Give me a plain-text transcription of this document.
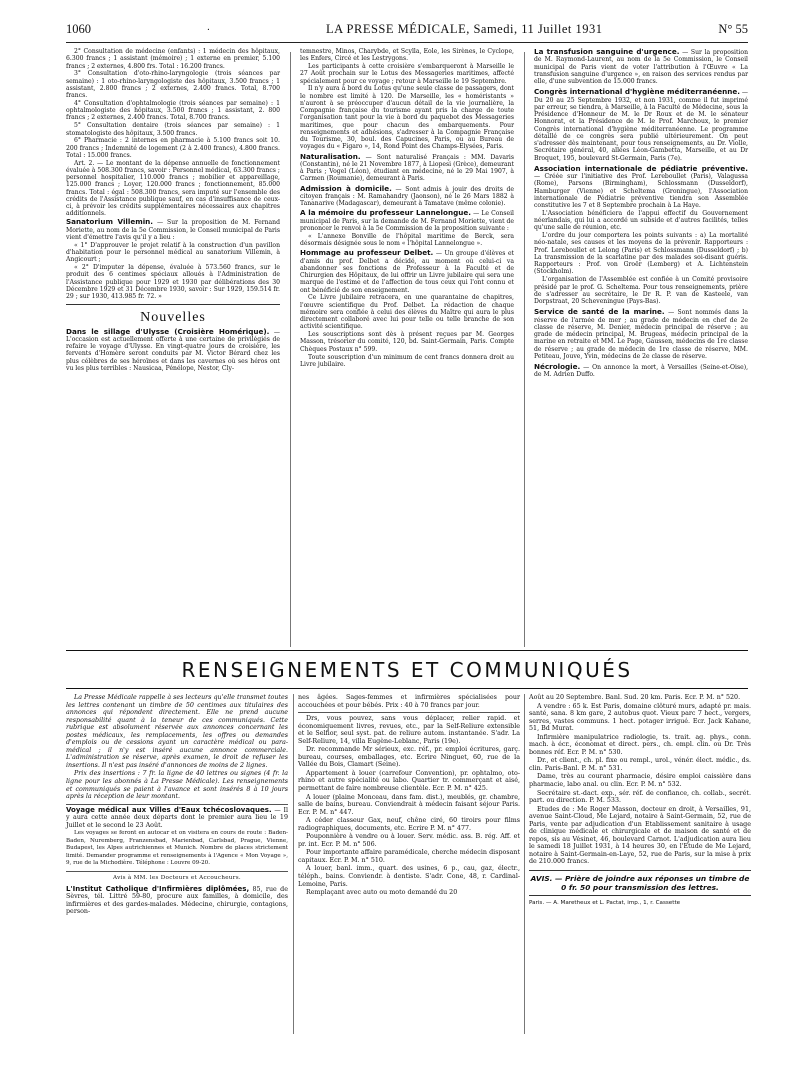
1060	·	LA PRESSE MÉDICALE, Samedi, 11 Juillet 1931	N° 55

2° Consultation de médecine (enfants) : 1 médecin des hôpitaux, 6.300 francs ; 1 assistant (mémoire) ; 1 externe en premier, 5.100 francs ; 2 externes, 4.800 frs. Total : 16.200 francs.

3° Consultation d'oto-rhino-laryngologie (trois séances par semaine) : 1 oto-rhino-laryngologiste des hôpitaux, 3.500 francs ; 1 assistant, 2.800 francs ; 2 externes, 2.400 francs. Total, 8.700 francs.

4° Consultation d'ophtalmologie (trois séances par semaine) : 1 ophtalmologiste des hôpitaux, 3.500 francs ; 1 assistant, 2. 800 francs ; 2 externes, 2.400 francs. Total, 8.700 francs.

5° Consultation dentaire (trois séances par semaine) : 1 stomatologiste des hôpitaux, 3.500 francs.

6° Pharmacie : 2 internes en pharmacie à 5.100 francs soit 10. 200 francs ; Indemnité de logement (2 à 2.400 francs), 4.800 francs. Total : 15.000 francs.

Art. 2. — Le montant de la dépense annuelle de fonctionnement évaluée à 508.300 francs, savoir : Personnel médical, 63.300 francs ; personnel hospitalier, 110.000 francs ; mobilier et appareillage, 125.000 francs ; Loyer, 120.000 francs ; fonctionnement, 85.000 francs. Total : égal : 508.300 francs, sera imputé sur l'ensemble des crédits de l'Assistance publique sauf, en cas d'insuffisance de ceux-ci, à prévoir les crédits supplémentaires nécessaires aux chapitres additionnels.

Sanatorium Villemin. — Sur la proposition de M. Fernand Moriette, au nom de la 5e Commission, le Conseil municipal de Paris vient d'émettre l'avis qu'il y a lieu :

« 1° D'approuver le projet relatif à la construction d'un pavillon d'habitation pour le personnel médical au sanatorium Villemin, à Angicourt ;

« 2° D'imputer la dépense, évaluée à 573.560 francs, sur le produit des 6 centimes spéciaux alloués à l'Administration de l'Assistance publique pour 1929 et 1930 par délibérations des 30 Décembre 1929 et 31 Décembre 1930, savoir : Sur 1929, 159.514 fr. 29 ; sur 1930, 413.985 fr. 72. »

Nouvelles

Dans le sillage d'Ulysse (Croisière Homérique). — L'occasion est actuellement offerte à une certaine de privilégiés de refaire le voyage d'Ulysse. En vingt-quatre jours de croisière, les fervents d'Homère seront conduits par M. Victor Bérard chez les plus célèbres de ses héroïnes et dans les cavernes où ses héros ont vu les plus terribles : Nausicaa, Pénélope, Nestor, Cly-

temnestre, Minos, Charybde, et Scylla, Eole, les Sirènes, le Cyclope, les Enfers, Circé et les Lestrygons.

Les participants à cette croisière s'embarqueront à Marseille le 27 Août prochain sur le Lotus des Messageries maritimes, affecté spécialement pour ce voyage ; retour à Marseille le 19 Septembre.

Il n'y aura à bord du Lotus qu'une seule classe de passagers, dont le nombre est limité à 120. De Marseille, les « homéristants » n'auront à se préoccuper d'aucun détail de la vie journalière, la Compagnie française du tourisme ayant pris la charge de toute l'organisation tant pour la vie à bord du paquebot des Messageries maritimes, que pour chacun des embarquements. Pour renseignements et adhésions, s'adresser à la Compagnie Française du Tourisme, 30, boul. des Capucines, Paris, ou au Bureau de voyages du « Figaro », 14, Rond Point des Champs-Elysées, Paris.

Naturalisation. — Sont naturalisé Français : MM. Davaris (Constantin), né le 21 Novembre 1877, à Liopesi (Grèce), demeurant à Paris ; Vogel (Léon), étudiant en médecine, né le 29 Mai 1907, à Carmen (Roumanie), demeurant à Paris.

Admission à domicile. — Sont admis à jouir des droits de citoyen français : M. Ramahandry (Jaonson), né le 26 Mars 1882 à Tananarive (Madagascar), demeurant à Tamatave (même colonie).

A la mémoire du professeur Lannelongue. — Le Conseil municipal de Paris, sur la demande de M. Fernand Moriette, vient de prononcer le renvoi à la 5e Commission de la proposition suivante :

« L'annexe Bonville de l'hôpital maritime de Berck, sera désormais désignée sous le nom « l'hôpital Lannelongue ».

Hommage au professeur Delbet. — Un groupe d'élèves et d'amis du prof. Delbet a décidé, au moment où celui-ci va abandonner ses fonctions de Professeur à la Faculté et de Chirurgien des Hôpitaux, de lui offrir un Livre jubilaire qui sera une marque de l'estime et de l'affection de tous ceux qui l'ont connu et ont bénéficié de son enseignement.

Ce Livre jubilaire retracera, en une quarantaine de chapitres, l'œuvre scientifique du Prof. Delbet. La rédaction de chaque mémoire sera confiée à celui des élèves du Maître qui aura le plus directement collaboré avec lui pour telle ou telle branche de son activité scientifique.

Les souscriptions sont dès à présent reçues par M. Georges Masson, trésorier du comité, 120, bd. Saint-Germain, Paris. Compte Chèques Postaux n° 599.

Toute souscription d'un minimum de cent francs donnera droit au Livre jubilaire.

La transfusion sanguine d'urgence. — Sur la proposition de M. Raymond-Laurent, au nom de la 5e Commission, le Conseil municipal de Paris vient de voter l'attribution à l'Œuvre « La transfusion sanguine d'urgence », en raison des services rendus par elle, d'une subvention de 15.000 francs.

Congrès international d'hygiène méditerranéenne. — Du 20 au 25 Septembre 1932, et non 1931, comme il fut imprimé par erreur, se tiendra, à Marseille, à la Faculté de Médecine, sous la Présidence d'Honneur de M. le Dr Roux et de M. le sénateur Honnorat, et la Présidence de M. le Prof. Marchoux, le premier Congrès international d'hygiène méditerranéenne. Le programme détaillé de ce congrès sera publié ultérieurement. On peut s'adresser dès maintenant, pour tous renseignements, au Dr. Violle, Secrétaire général, 40, allées Léon-Gambetta, Marseille, et au Dr Broquet, 195, boulevard St-Germain, Paris (7e).

Association internationale de pédiatrie préventive. — Créée sur l'initiative des Prof. Lereboullet (Paris), Valagussa (Rome), Parsons (Birmingham), Schlossmann (Dusseldorf), Hamburger (Vienne) et Scheltema (Groningue), l'Association internationale de Pédiatrie préventive tiendra son Assemblée constitutive les 7 et 8 Septembre prochain à La Haye.

L'Association bénéficiera de l'appui effectif du Gouvernement néerlandais, qui lui a accordé un subside et d'autres facilités, telles qu'une salle de réunion, etc.

L'ordre du jour comportera les points suivants : a) La mortalité néo-natale, ses causes et les moyens de la prévenir. Rapporteurs : Prof. Lereboullet et Lelong (Paris) et Schlossmann (Dusseldorf) ; b) La transmission de la scarlatine par des malades soi-disant guéris. Rapporteurs : Prof. von Groër (Lemberg) et A. Lichtenstein (Stockholm).

L'organisation de l'Assemblée est confiée à un Comité provisoire présidé par le prof. G. Scheltema. Pour tous renseignements, prière de s'adresser au secrétaire, le Dr R. P. van de Kasteele, van Dorpstraat, 20 Scheveningue (Pays-Bas).

Service de santé de la marine. — Sont nommés dans la réserve de l'armée de mer ; au grade de médecin en chef de 2e classe de réserve, M. Denier, médecin principal de réserve ; au grade de médecin principal, M. Brugeas, médecin principal de la marine en retraite et MM. Le Page, Gaussen, médecins de 1re classe de réserve ; au grade de médecin de 1re classe de réserve, MM. Petiteau, Jouve, Yvin, médecins de 2e classe de réserve.

Nécrologie. — On annonce la mort, à Versailles (Seine-et-Oise), de M. Adrien Duffo.

RENSEIGNEMENTS ET COMMUNIQUÉS

La Presse Médicale rappelle à ses lecteurs qu'elle transmet toutes les lettres contenant un timbre de 50 centimes aux titulaires des annonces qui répondent directement. Elle ne prend aucune responsabilité quant à la teneur de ces communiqués. Cette rubrique est absolument réservée aux annonces concernant les postes médicaux, les remplacements, les offres ou demandes d'emplois ou de cessions ayant un caractère médical ou para-médical ; il n'y est inséré aucune annonce commerciale. L'administration se réserve, après examen, le droit de refuser les insertions. Il n'est pas inséré d'annonces de moins de 2 lignes.

Prix des insertions : 7 fr. la ligne de 40 lettres ou signes (4 fr. la ligne pour les abonnés à La Presse Médicale). Les renseignements et communiqués se paient à l'avance et sont insérés 8 à 10 jours après la réception de leur montant.

Voyage médical aux Villes d'Eaux tchécoslovaques. — Il y aura cette année deux départs dont le premier aura lieu le 19 Juillet et le second le 23 Août.

Les voyages se feront en autocar et on visitera en cours de route : Baden-Baden, Nuremberg, Franzensbad, Marienbad, Carlsbad, Prague, Vienne, Budapest, les Alpes autrichiennes et Munich. Nombre de places strictement limité. Demander programme et renseignements à l'Agence « Mon Voyage », 9, rue de la Michodière. Téléphone : Louvre 09-20.

Avis à MM. les Docteurs et Accoucheurs.

L'Institut Catholique d'Infirmières diplômées, 85, rue de Sèvres, tél. Littré 59-80, procure aux familles, à domicile, des infirmières et des gardes-malades. Médecine, chirurgie, contagions, person-

nes âgées. Sages-femmes et infirmières spécialisées pour accouchées et pour bébés. Prix : 40 à 70 francs par jour.

Drs, vous pouvez, sans vous déplacer, relier rapid. et économiquement livres, revues, etc., par la Self-Reliure extensible et le Selfior, seul syst. pat. de reliure autom. instantanée. S'adr. La Self-Reliure, 14, villa Eugène-Leblanc, Paris (19e).

Dr. recommande Mr sérieux, exc. réf., pr. emploi écritures, garç. bureau, courses, emballages, etc. Ecrire Ninguet, 60, rue de la Vallée du Bois, Clamart (Seine).

Appartement à louer (carrefour Convention), pr. ophtalmo, oto-rhino et autre spécialité ou labo. Quartier tr. commerçant et aisé, permettant de faire nombreuse clientèle. Ecr. P. M. n° 425.

A louer (plaine Monceau, dans fam. dist.), meublés, gr. chambre, salle de bains, bureau. Conviendrait à médecin faisant séjour Paris. Ecr. P. M. n° 447.

A céder classeur Gax, neuf, chêne ciré, 60 tiroirs pour films radiographiques, documents, etc. Ecrire P. M. n° 477.

Pouponnière à vendre ou à louer. Serv. médic. ass. B. rég. Aff. et pr. int. Ecr. P. M. n° 506.

Pour importante affaire paramédicale, cherche médecin disposant capitaux. Ecr. P. M. n° 510.

A louer, banl. imm., quart. des usines, 6 p., cau, gaz, électr., téléph., bains. Conviendr. à dentiste. S'adr. Cone, 48, r. Cardinal-Lemoine, Paris.

Remplaçant avec auto ou moto demandé du 20

Août au 20 Septembre. Banl. Sud. 20 km. Paris. Ecr. P. M. n° 520.

A vendre : 65 k. Est Paris, domaine clôturé murs, adapté pr. mais. santé, sana. 8 km gare, 2 autobus quot. Vieux parc 7 hect., vergers, serres, vastes communs. 1 hect. potager irrigué. Ecr. Jack Kahane, 51, Bd Murat.

Infirmière manipulatrice radiologie, ts. trait. ag. phys., conn. mach. à écr., économat et direct. pers., ch. empl. clin. ou Dr. Très bonnes réf. Ecr. P. M. n° 530.

Dr., et client., ch. pl. fixe ou rempl., urol., vénér. élect. médic., ds. clin. Paris-Banl. P. M. n° 531.

Dame, très au courant pharmacie, désire emploi caissière dans pharmacie, labo anal. ou clin. Ecr. P. M. n° 532.

Secrétaire st.-dact. exp., sér. réf. de confiance, ch. collab., secrét. part. ou direction. P. M. 533.

Etudes de : Me Roger Masson, docteur en droit, à Versailles, 91, avenue Saint-Cloud, Me Lejard, notaire à Saint-Germain, 52, rue de Paris, vente par adjudication d'un Etablissement sanitaire à usage de clinique médicale et chirurgicale et de maison de santé et de repos, sis au Vésinet, 46, boulevard Carnot. L'adjudication aura lieu le samedi 18 Juillet 1931, à 14 heures 30, en l'Etude de Me Lejard, notaire à Saint-Germain-en-Laye, 52, rue de Paris, sur la mise à prix de 210.000 francs.

AVIS. — Prière de joindre aux réponses un timbre de 0 fr. 50 pour transmission des lettres.
Paris. — A. Maretheux et L. Pactat, imp., 1, r. Cassette
